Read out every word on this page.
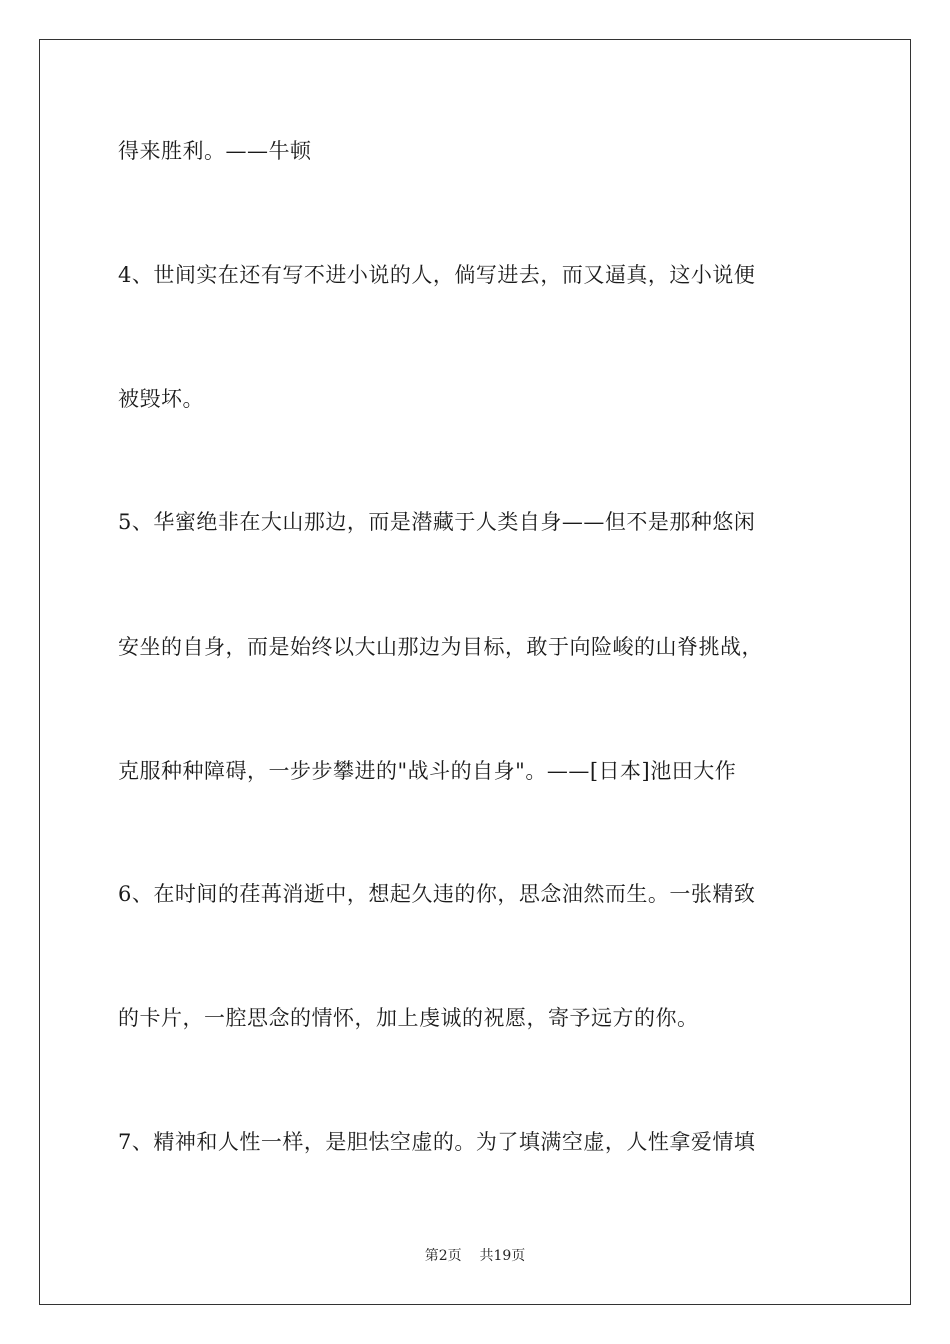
得来胜利。——牛顿
4、世间实在还有写不进小说的人，倘写进去，而又逼真，这小说便
被毁坏。
5、华蜜绝非在大山那边，而是潜藏于人类自身——但不是那种悠闲
安坐的自身，而是始终以大山那边为目标，敢于向险峻的山脊挑战，
克服种种障碍，一步步攀进的"战斗的自身"。——[日本]池田大作
6、在时间的荏苒消逝中，想起久违的你，思念油然而生。一张精致
的卡片，一腔思念的情怀，加上虔诚的祝愿，寄予远方的你。
7、精神和人性一样，是胆怯空虚的。为了填满空虚，人性拿爱情填
第2页 共19页
